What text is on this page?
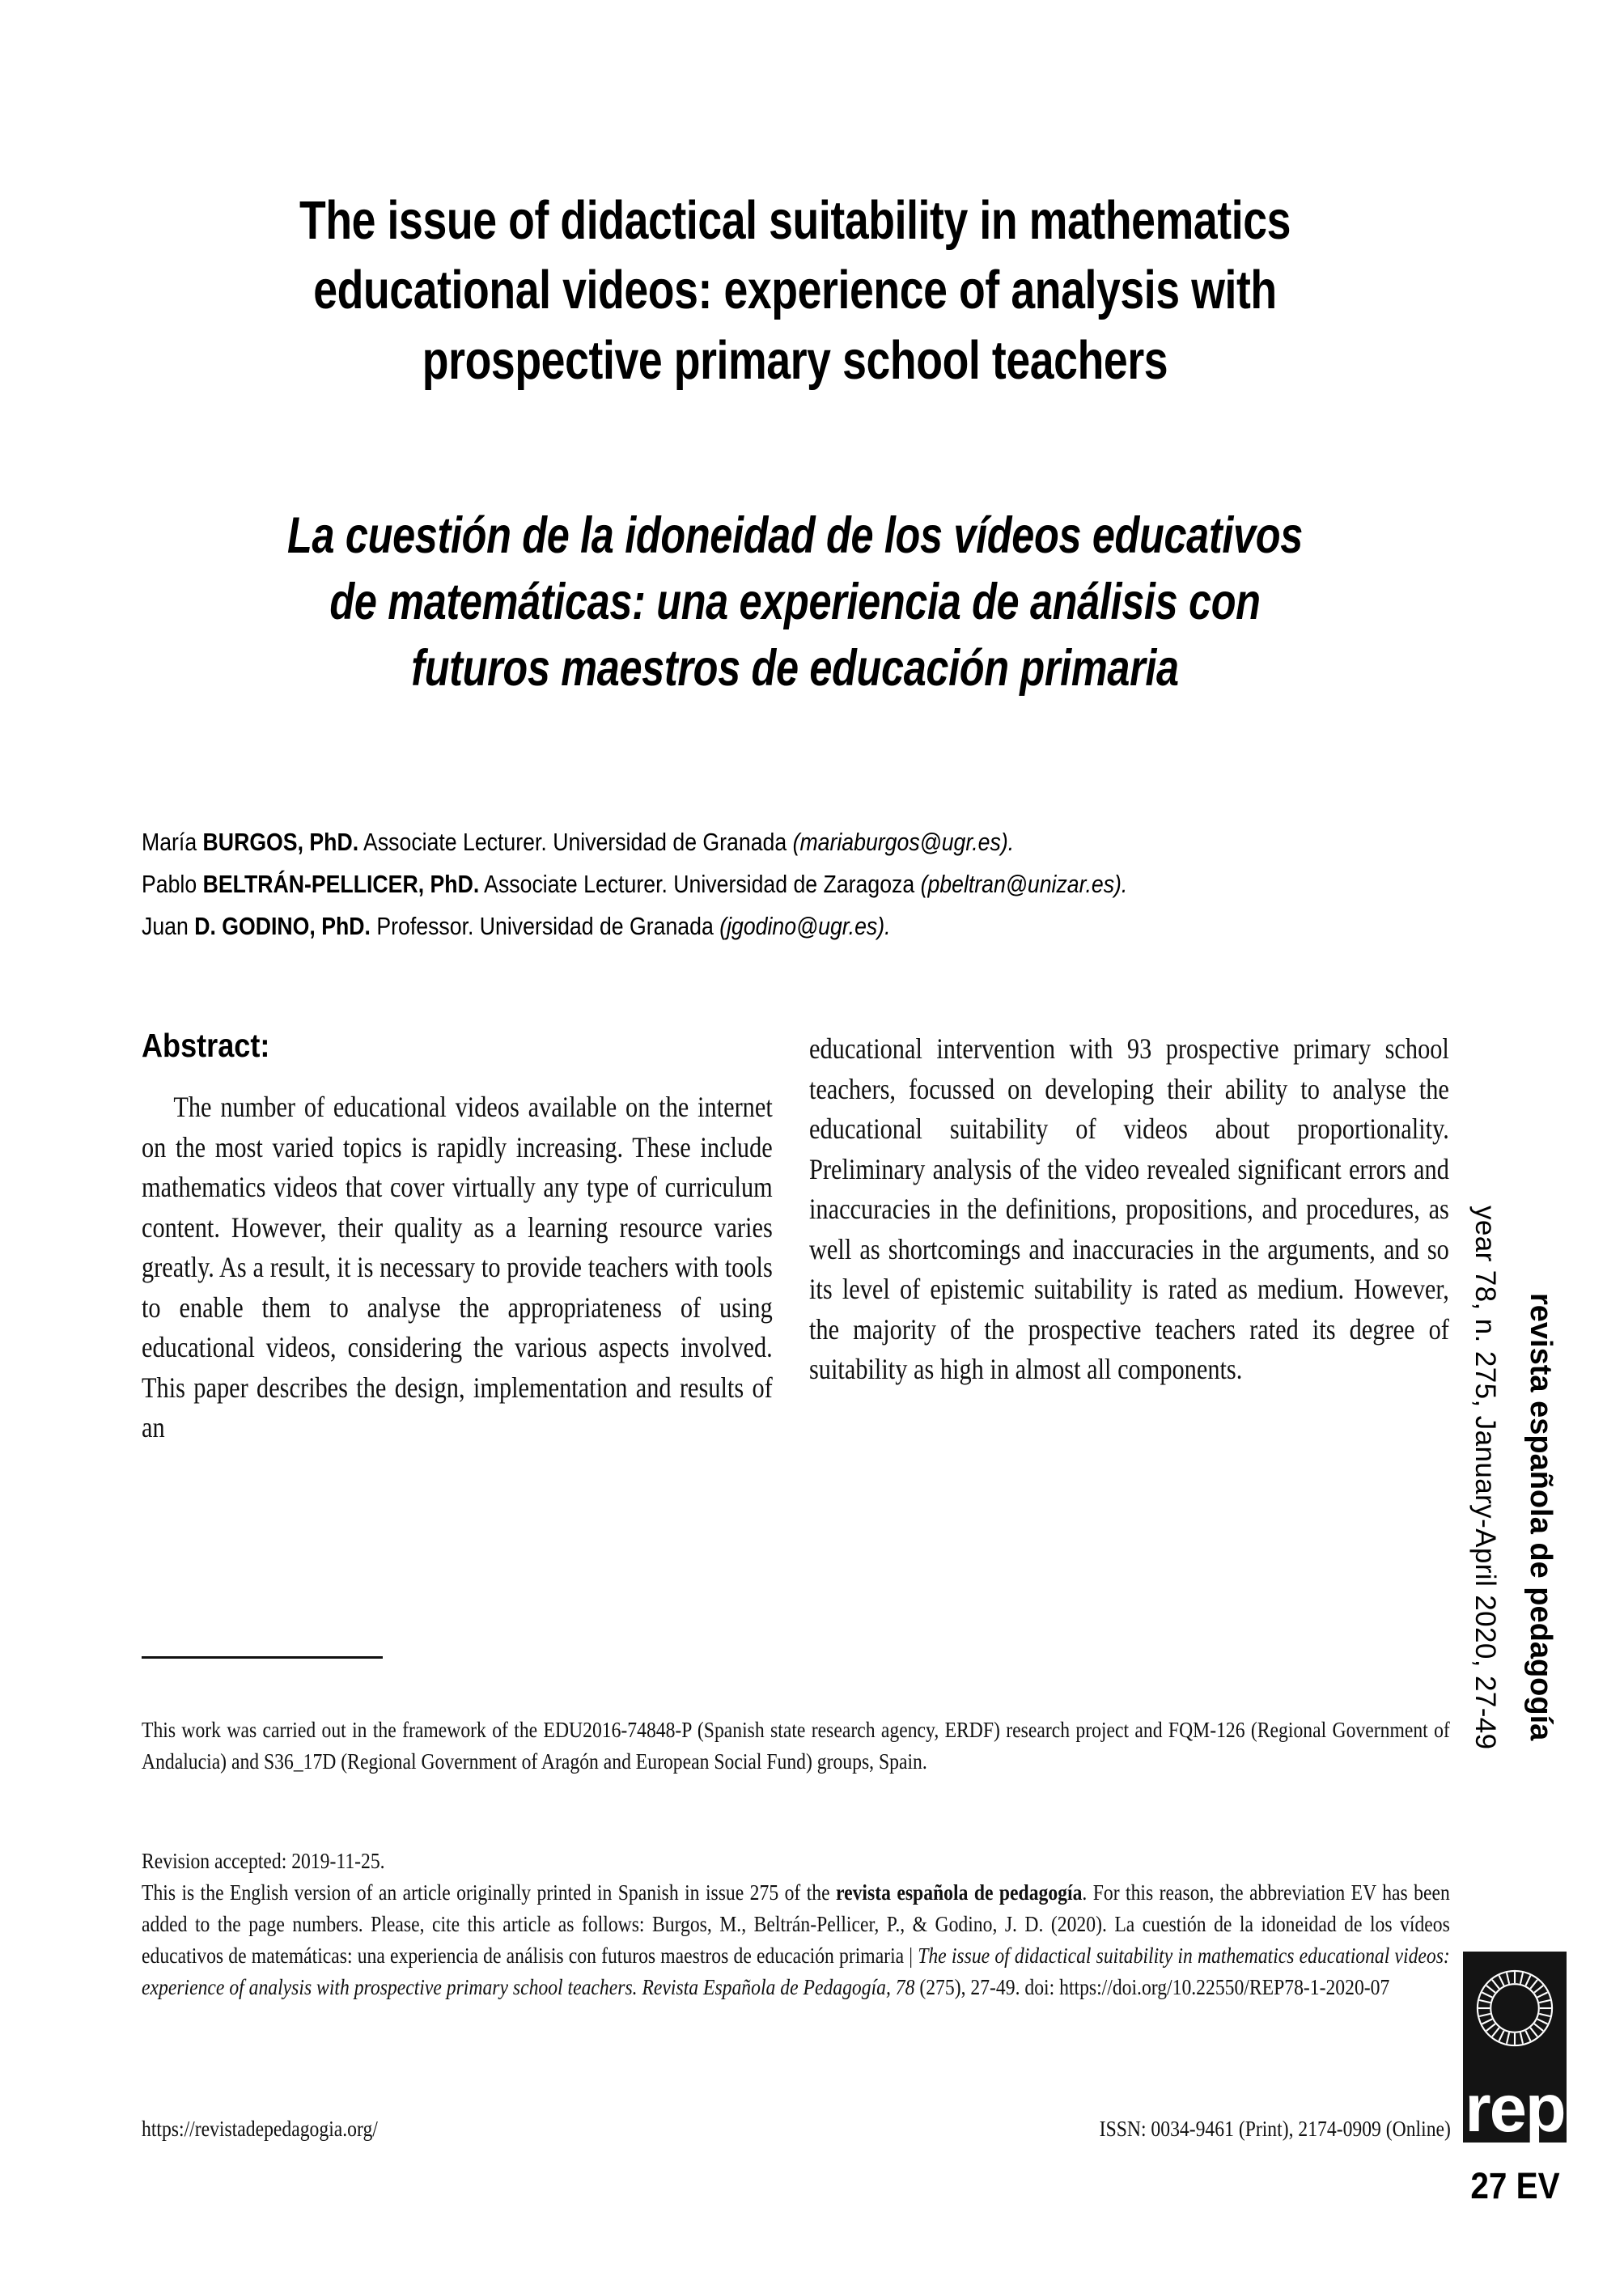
The issue of didactical suitability in mathematics educational videos: experience of analysis with prospective primary school teachers
La cuestión de la idoneidad de los vídeos educativos de matemáticas: una experiencia de análisis con futuros maestros de educación primaria
María BURGOS, PhD. Associate Lecturer. Universidad de Granada (mariaburgos@ugr.es).
Pablo BELTRÁN-PELLICER, PhD. Associate Lecturer. Universidad de Zaragoza (pbeltran@unizar.es).
Juan D. GODINO, PhD. Professor. Universidad de Granada (jgodino@ugr.es).
Abstract:

The number of educational videos available on the internet on the most varied topics is rapidly increasing. These include mathematics videos that cover virtually any type of curriculum content. However, their quality as a learning resource varies greatly. As a result, it is necessary to provide teachers with tools to enable them to analyse the appropriateness of using educational videos, considering the various aspects involved. This paper describes the design, implementation and results of an

educational intervention with 93 prospective primary school teachers, focussed on developing their ability to analyse the educational suitability of videos about proportionality. Preliminary analysis of the video revealed significant errors and inaccuracies in the definitions, propositions, and procedures, as well as shortcomings and inaccuracies in the arguments, and so its level of epistemic suitability is rated as medium. However, the majority of the prospective teachers rated its degree of suitability as high in almost all components.

This work was carried out in the framework of the EDU2016-74848-P (Spanish state research agency, ERDF) research project and FQM-126 (Regional Government of Andalucia) and S36_17D (Regional Government of Aragón and European Social Fund) groups, Spain.

Revision accepted: 2019-11-25.

This is the English version of an article originally printed in Spanish in issue 275 of the revista española de pedagogía. For this reason, the abbreviation EV has been added to the page numbers. Please, cite this article as follows: Burgos, M., Beltrán-Pellicer, P., & Godino, J. D. (2020). La cuestión de la idoneidad de los vídeos educativos de matemáticas: una experiencia de análisis con futuros maestros de educación primaria | The issue of didactical suitability in mathematics educational videos: experience of analysis with prospective primary school teachers. Revista Española de Pedagogía, 78 (275), 27-49. doi: https://doi.org/10.22550/REP78-1-2020-07

https://revistadepedagogia.org/	ISSN: 0034-9461 (Print), 2174-0909 (Online)
year 78, n. 275, January-April 2020, 27-49 revista española de pedagogía
rep
27 EV
